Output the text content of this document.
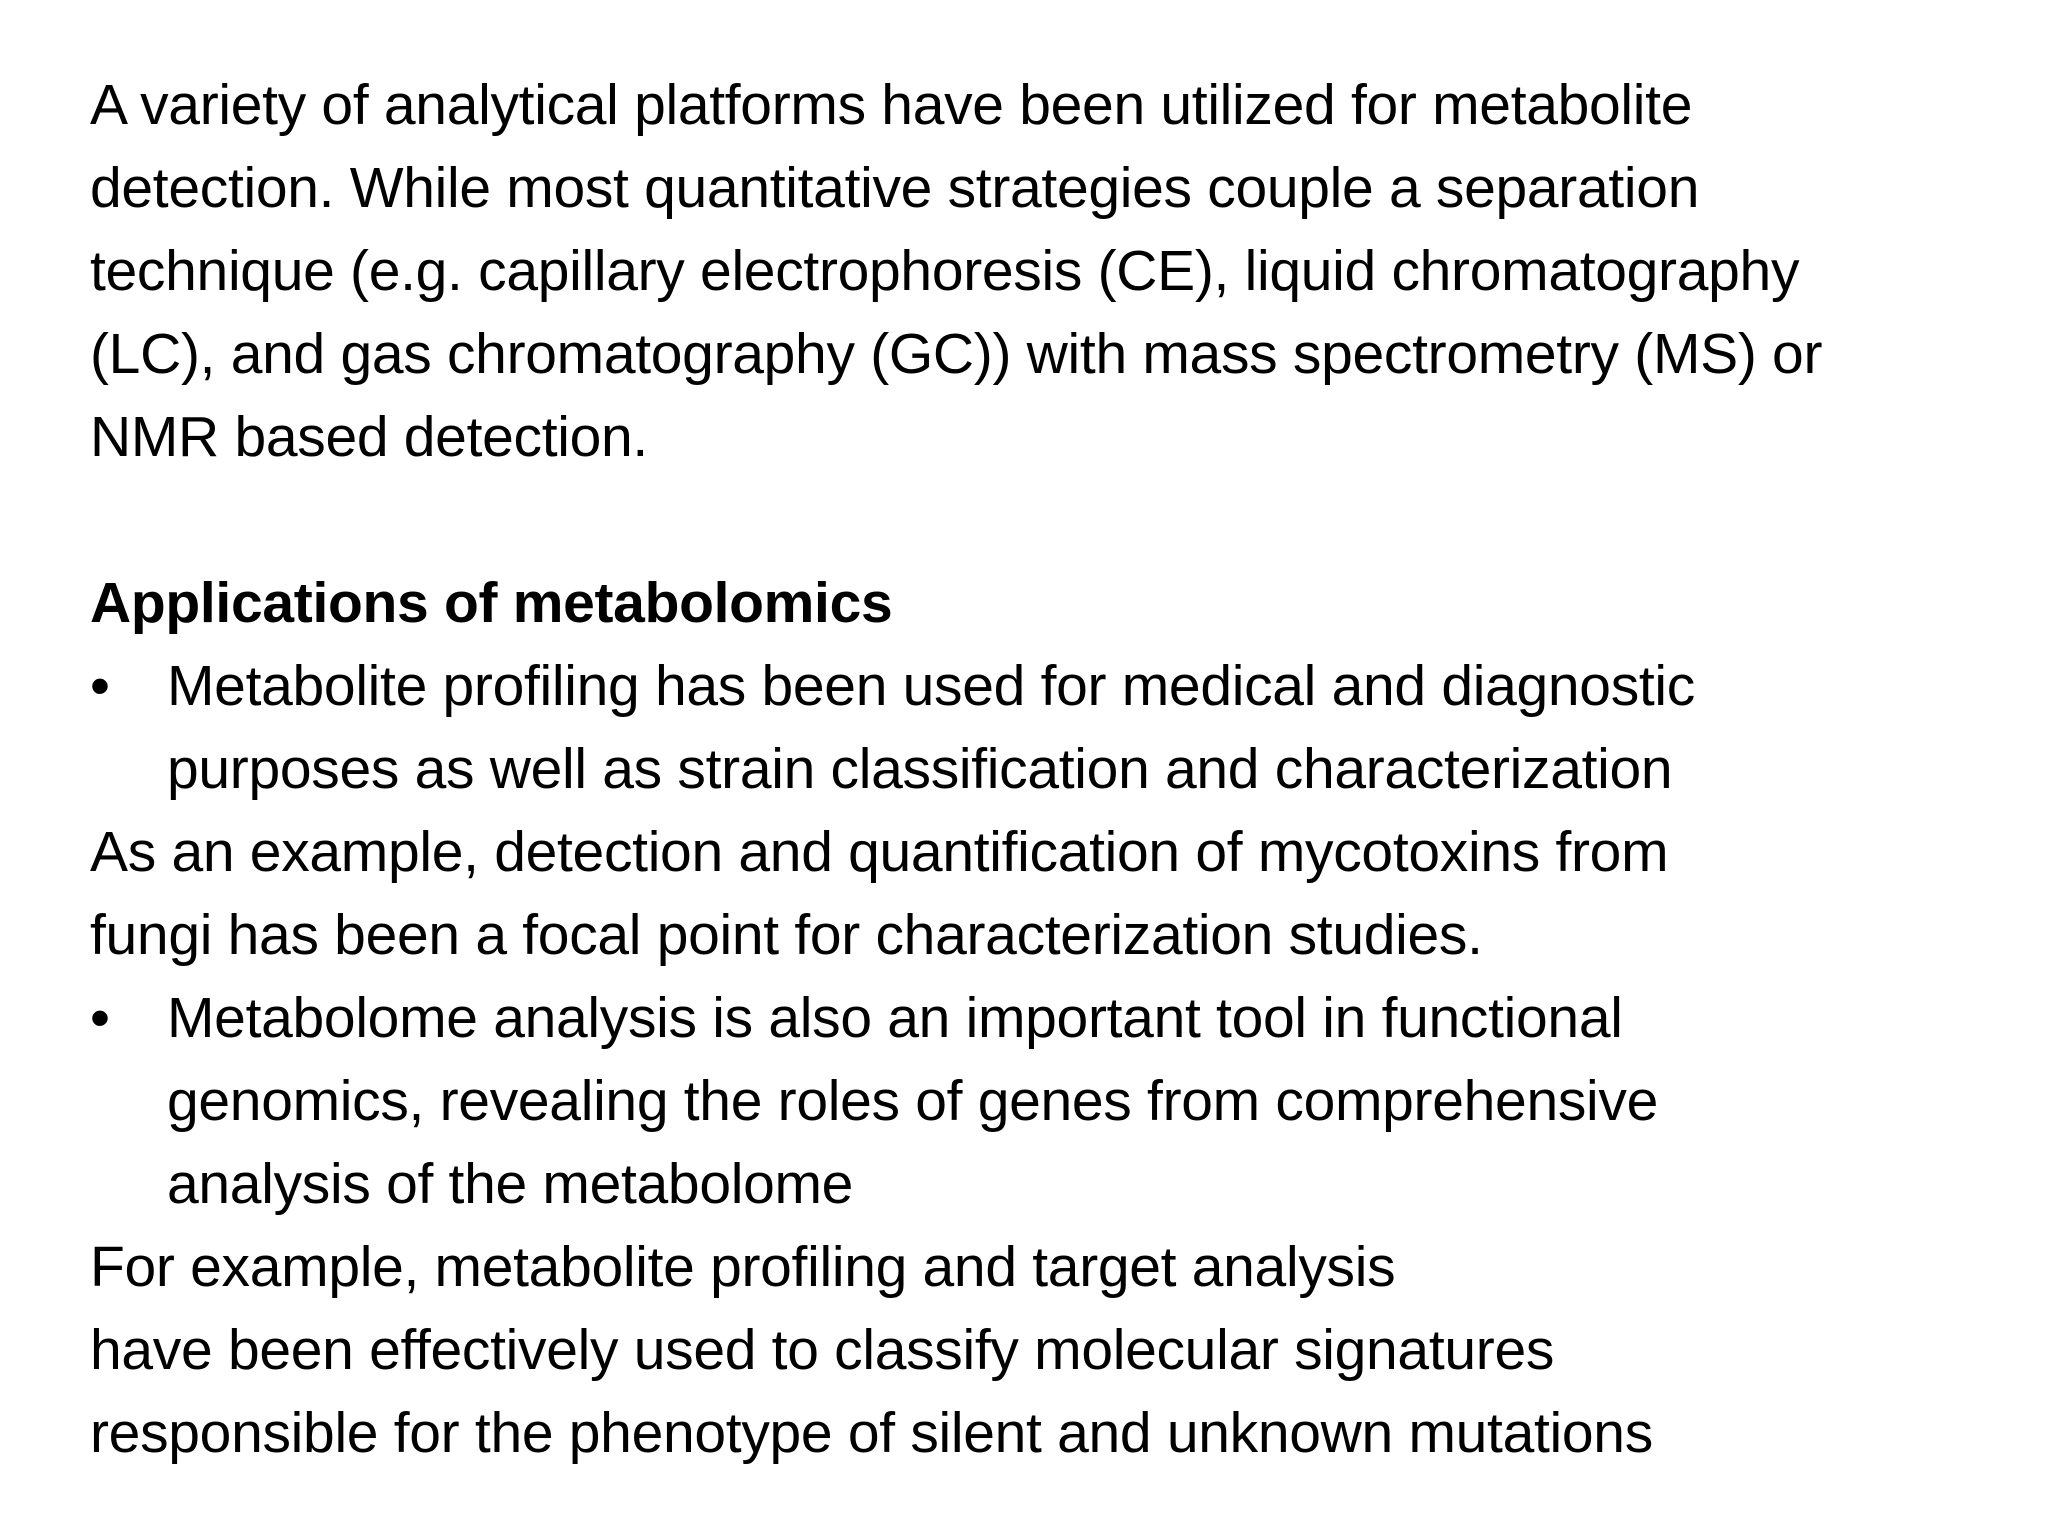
A variety of analytical platforms have been utilized for metabolite
detection. While most quantitative strategies couple a separation
technique (e.g. capillary electrophoresis (CE), liquid chromatography
(LC), and gas chromatography (GC)) with mass spectrometry (MS) or
NMR based detection.
Applications of metabolomics
• Metabolite profiling has been used for medical and diagnostic
purposes as well as strain classification and characterization
As an example, detection and quantification of mycotoxins from
fungi has been a focal point for characterization studies.
• Metabolome analysis is also an important tool in functional
genomics, revealing the roles of genes from comprehensive
analysis of the metabolome
For example, metabolite profiling and target analysis
have been effectively used to classify molecular signatures
responsible for the phenotype of silent and unknown mutations
